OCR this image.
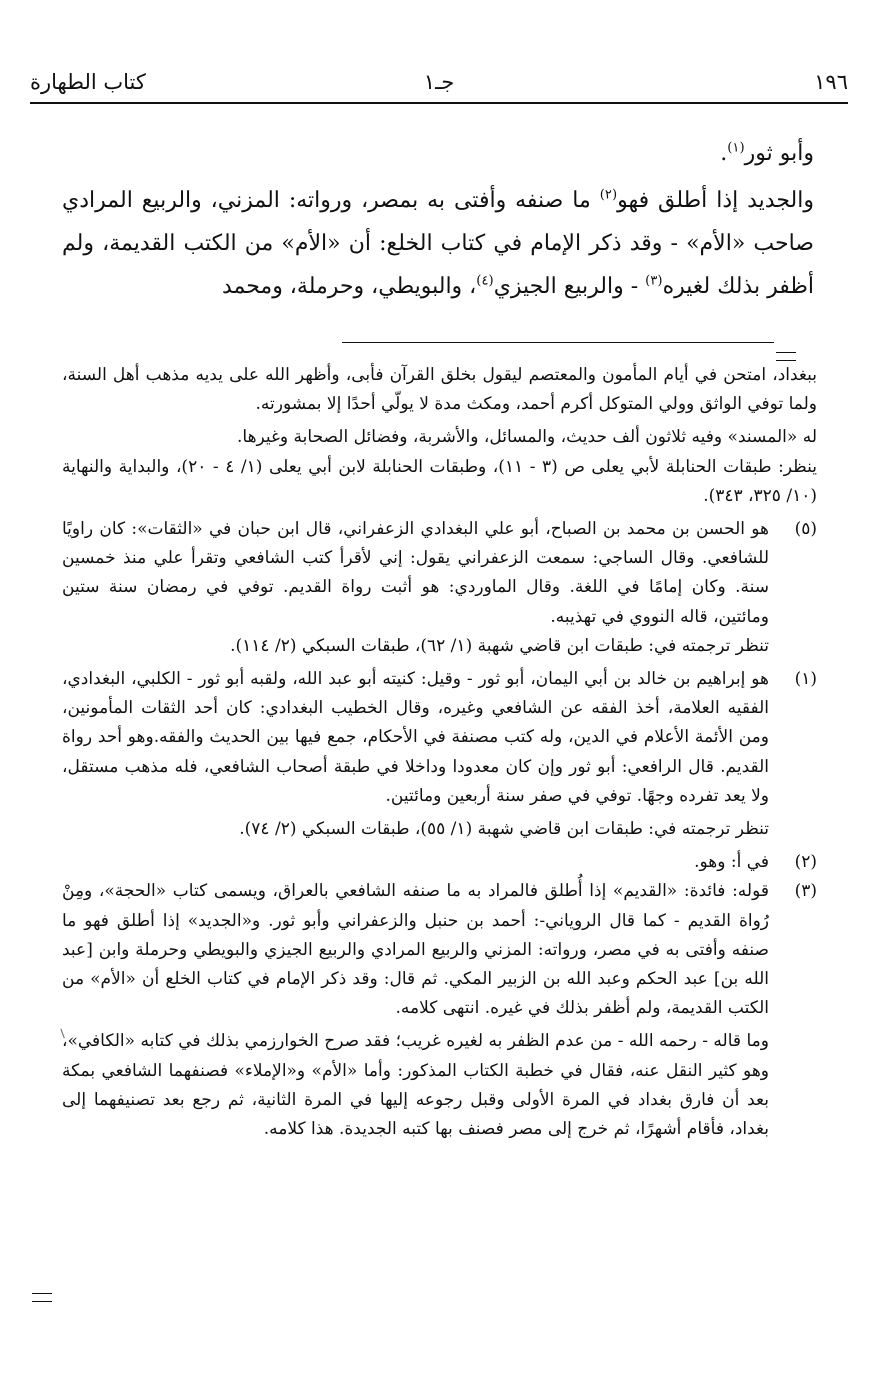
١٩٦
جـ١
كتاب الطهارة

وأبو ثور$^{(١)}$.

والجديد إذا أطلق فهو$^{(٢)}$ ما صنفه وأفتى به بمصر، ورواته: المزني، والربيع المرادي صاحب «الأم» - وقد ذكر الإمام في كتاب الخلع: أن «الأم» من الكتب القديمة، ولم أظفر بذلك لغيره$^{(٣)}$ - والربيع الجيزي$^{(٤)}$، والبويطي، وحرملة، ومحمد

ببغداد، امتحن في أيام المأمون والمعتصم ليقول بخلق القرآن فأبى، وأظهر الله على يديه مذهب أهل السنة، ولما توفي الواثق وولي المتوكل أكرم أحمد، ومكث مدة لا يولّي أحدًا إلا بمشورته.

له «المسند» وفيه ثلاثون ألف حديث، والمسائل، والأشربة، وفضائل الصحابة وغيرها.

ينظر: طبقات الحنابلة لأبي يعلى ص (٣ - ١١)، وطبقات الحنابلة لابن أبي يعلى (١/ ٤ - ٢٠)، والبداية والنهاية (١٠/ ٣٢٥، ٣٤٣).

(٥)

هو الحسن بن محمد بن الصباح، أبو علي البغدادي الزعفراني، قال ابن حبان في «الثقات»: كان راويًا للشافعي. وقال الساجي: سمعت الزعفراني يقول: إني لأقرأ كتب الشافعي وتقرأ علي منذ خمسين سنة. وكان إمامًا في اللغة. وقال الماوردي: هو أثبت رواة القديم. توفي في رمضان سنة ستين ومائتين، قاله النووي في تهذيبه.

تنظر ترجمته في: طبقات ابن قاضي شهبة (١/ ٦٢)، طبقات السبكي (٢/ ١١٤).

(١)

هو إبراهيم بن خالد بن أبي اليمان، أبو ثور - وقيل: كنيته أبو عبد الله، ولقبه أبو ثور - الكلبي، البغدادي، الفقيه العلامة، أخذ الفقه عن الشافعي وغيره، وقال الخطيب البغدادي: كان أحد الثقات المأمونين، ومن الأئمة الأعلام في الدين، وله كتب مصنفة في الأحكام، جمع فيها بين الحديث والفقه.وهو أحد رواة القديم. قال الرافعي: أبو ثور وإن كان معدودا وداخلا في طبقة أصحاب الشافعي، فله مذهب مستقل، ولا يعد تفرده وجهًا. توفي في صفر سنة أربعين ومائتين.

تنظر ترجمته في: طبقات ابن قاضي شهبة (١/ ٥٥)، طبقات السبكي (٢/ ٧٤).

(٢)

في أ: وهو.

(٣)

قوله: فائدة: «القديم» إذا أُطلق فالمراد به ما صنفه الشافعي بالعراق، ويسمى كتاب «الحجة»، ومِنْ رُواة القديم - كما قال الروياني-: أحمد بن حنبل والزعفراني وأبو ثور. و«الجديد» إذا أطلق فهو ما صنفه وأفتى به في مصر، ورواته: المزني والربيع المرادي والربيع الجيزي والبويطي وحرملة وابن [عبد الله بن] عبد الحكم وعبد الله بن الزبير المكي. ثم قال: وقد ذكر الإمام في كتاب الخلع أن «الأم» من الكتب القديمة، ولم أظفر بذلك في غيره. انتهى كلامه.

وما قاله - رحمه الله - من عدم الظفر به لغيره غريب؛ فقد صرح الخوارزمي بذلك في كتابه «الكافي»، وهو كثير النقل عنه، فقال في خطبة الكتاب المذكور: وأما «الأم» و«الإملاء» فصنفهما الشافعي بمكة بعد أن فارق بغداد في المرة الأولى وقبل رجوعه إليها في المرة الثانية، ثم رجع بعد تصنيفهما إلى بغداد، فأقام أشهرًا، ثم خرج إلى مصر فصنف بها كتبه الجديدة. هذا كلامه.
